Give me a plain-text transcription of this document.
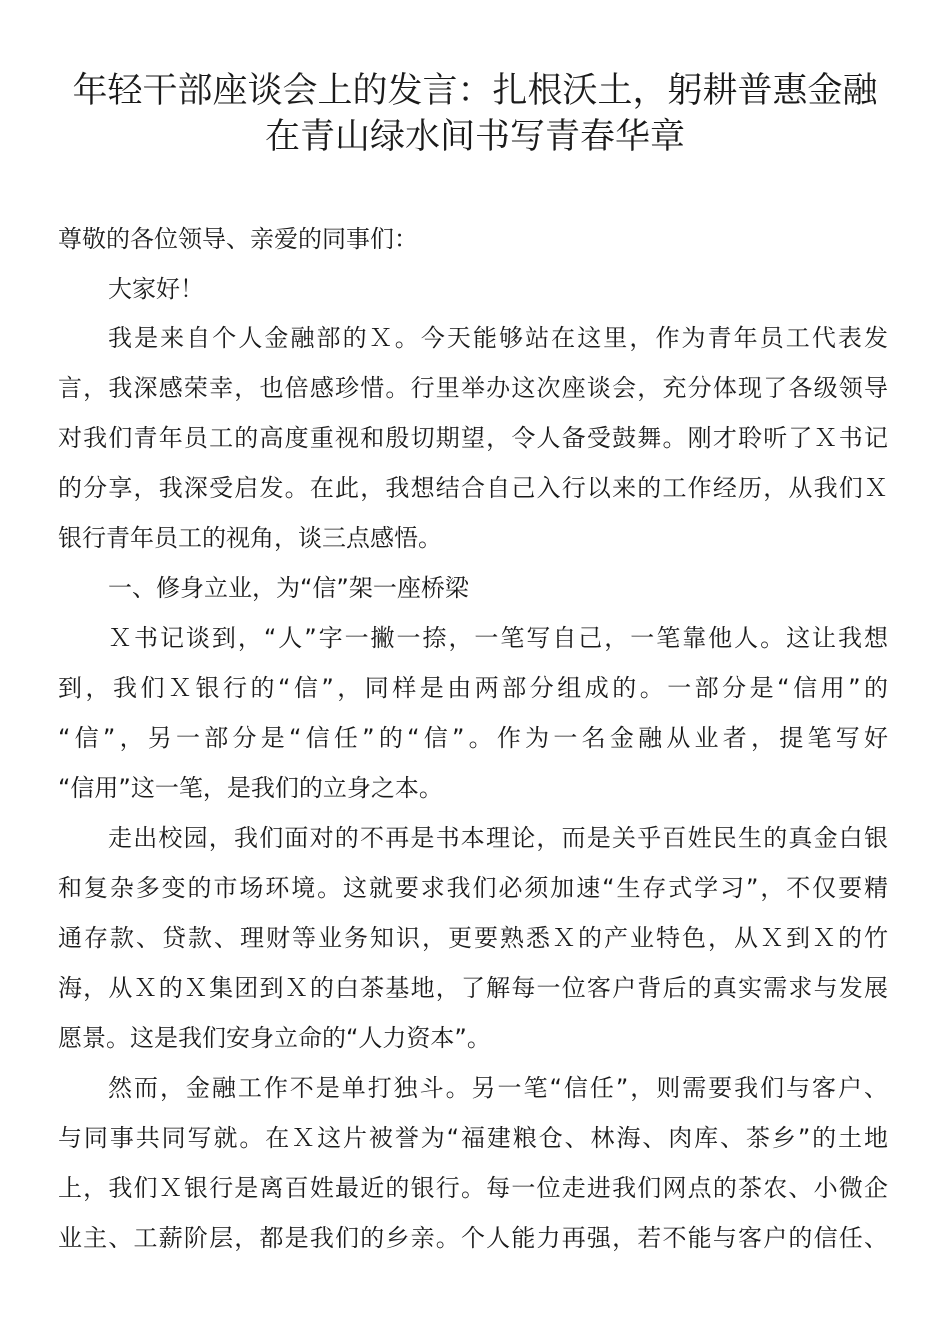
年轻干部座谈会上的发言：扎根沃土，躬耕普惠金融
在青山绿水间书写青春华章

尊敬的各位领导、亲爱的同事们：

大家好！

我是来自个人金融部的Ｘ。今天能够站在这里，作为青年员工代表发

言，我深感荣幸，也倍感珍惜。行里举办这次座谈会，充分体现了各级领导

对我们青年员工的高度重视和殷切期望，令人备受鼓舞。刚才聆听了Ｘ书记

的分享，我深受启发。在此，我想结合自己入行以来的工作经历，从我们Ｘ

银行青年员工的视角，谈三点感悟。

一、修身立业，为“信”架一座桥梁

Ｘ书记谈到，“人”字一撇一捺，一笔写自己，一笔靠他人。这让我想

到，我们Ｘ银行的“信”，同样是由两部分组成的。一部分是“信用”的

“信”，另一部分是“信任”的“信”。作为一名金融从业者，提笔写好

“信用”这一笔，是我们的立身之本。

走出校园，我们面对的不再是书本理论，而是关乎百姓民生的真金白银

和复杂多变的市场环境。这就要求我们必须加速“生存式学习”，不仅要精

通存款、贷款、理财等业务知识，更要熟悉Ｘ的产业特色，从Ｘ到Ｘ的竹

海，从Ｘ的Ｘ集团到Ｘ的白茶基地，了解每一位客户背后的真实需求与发展

愿景。这是我们安身立命的“人力资本”。

然而，金融工作不是单打独斗。另一笔“信任”，则需要我们与客户、

与同事共同写就。在Ｘ这片被誉为“福建粮仓、林海、肉库、茶乡”的土地

上，我们Ｘ银行是离百姓最近的银行。每一位走进我们网点的茶农、小微企

业主、工薪阶层，都是我们的乡亲。个人能力再强，若不能与客户的信任、
